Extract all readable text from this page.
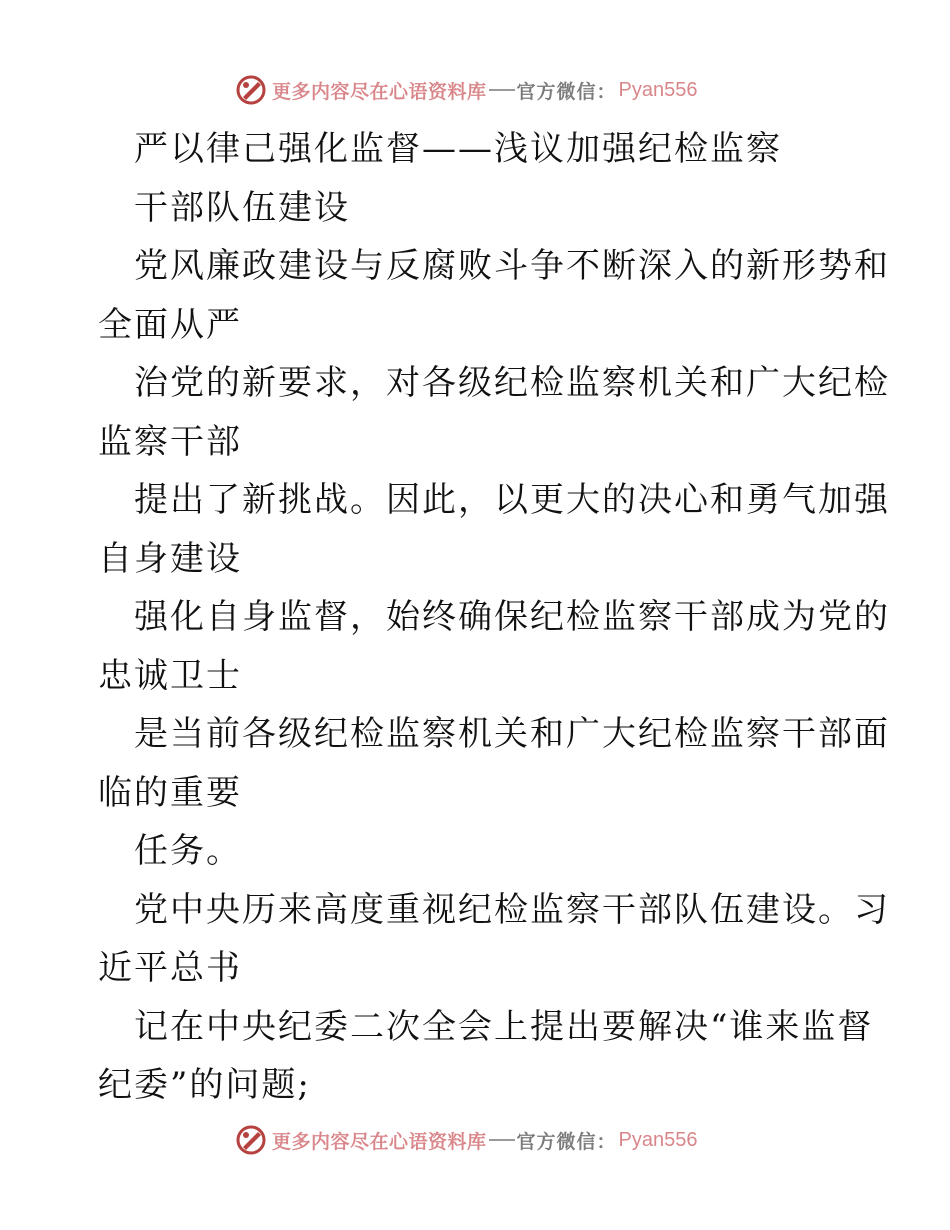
更多内容尽在心语资料库 官方微信： Pyan556
严以律己强化监督——浅议加强纪检监察
干部队伍建设
党风廉政建设与反腐败斗争不断深入的新形势和
全面从严
治党的新要求，对各级纪检监察机关和广大纪检
监察干部
提出了新挑战。因此，以更大的决心和勇气加强
自身建设
强化自身监督，始终确保纪检监察干部成为党的
忠诚卫士
是当前各级纪检监察机关和广大纪检监察干部面
临的重要
任务。
党中央历来高度重视纪检监察干部队伍建设。习
近平总书
记在中央纪委二次全会上提出要解决“谁来监督
纪委”的问题;
更多内容尽在心语资料库 官方微信： Pyan556
